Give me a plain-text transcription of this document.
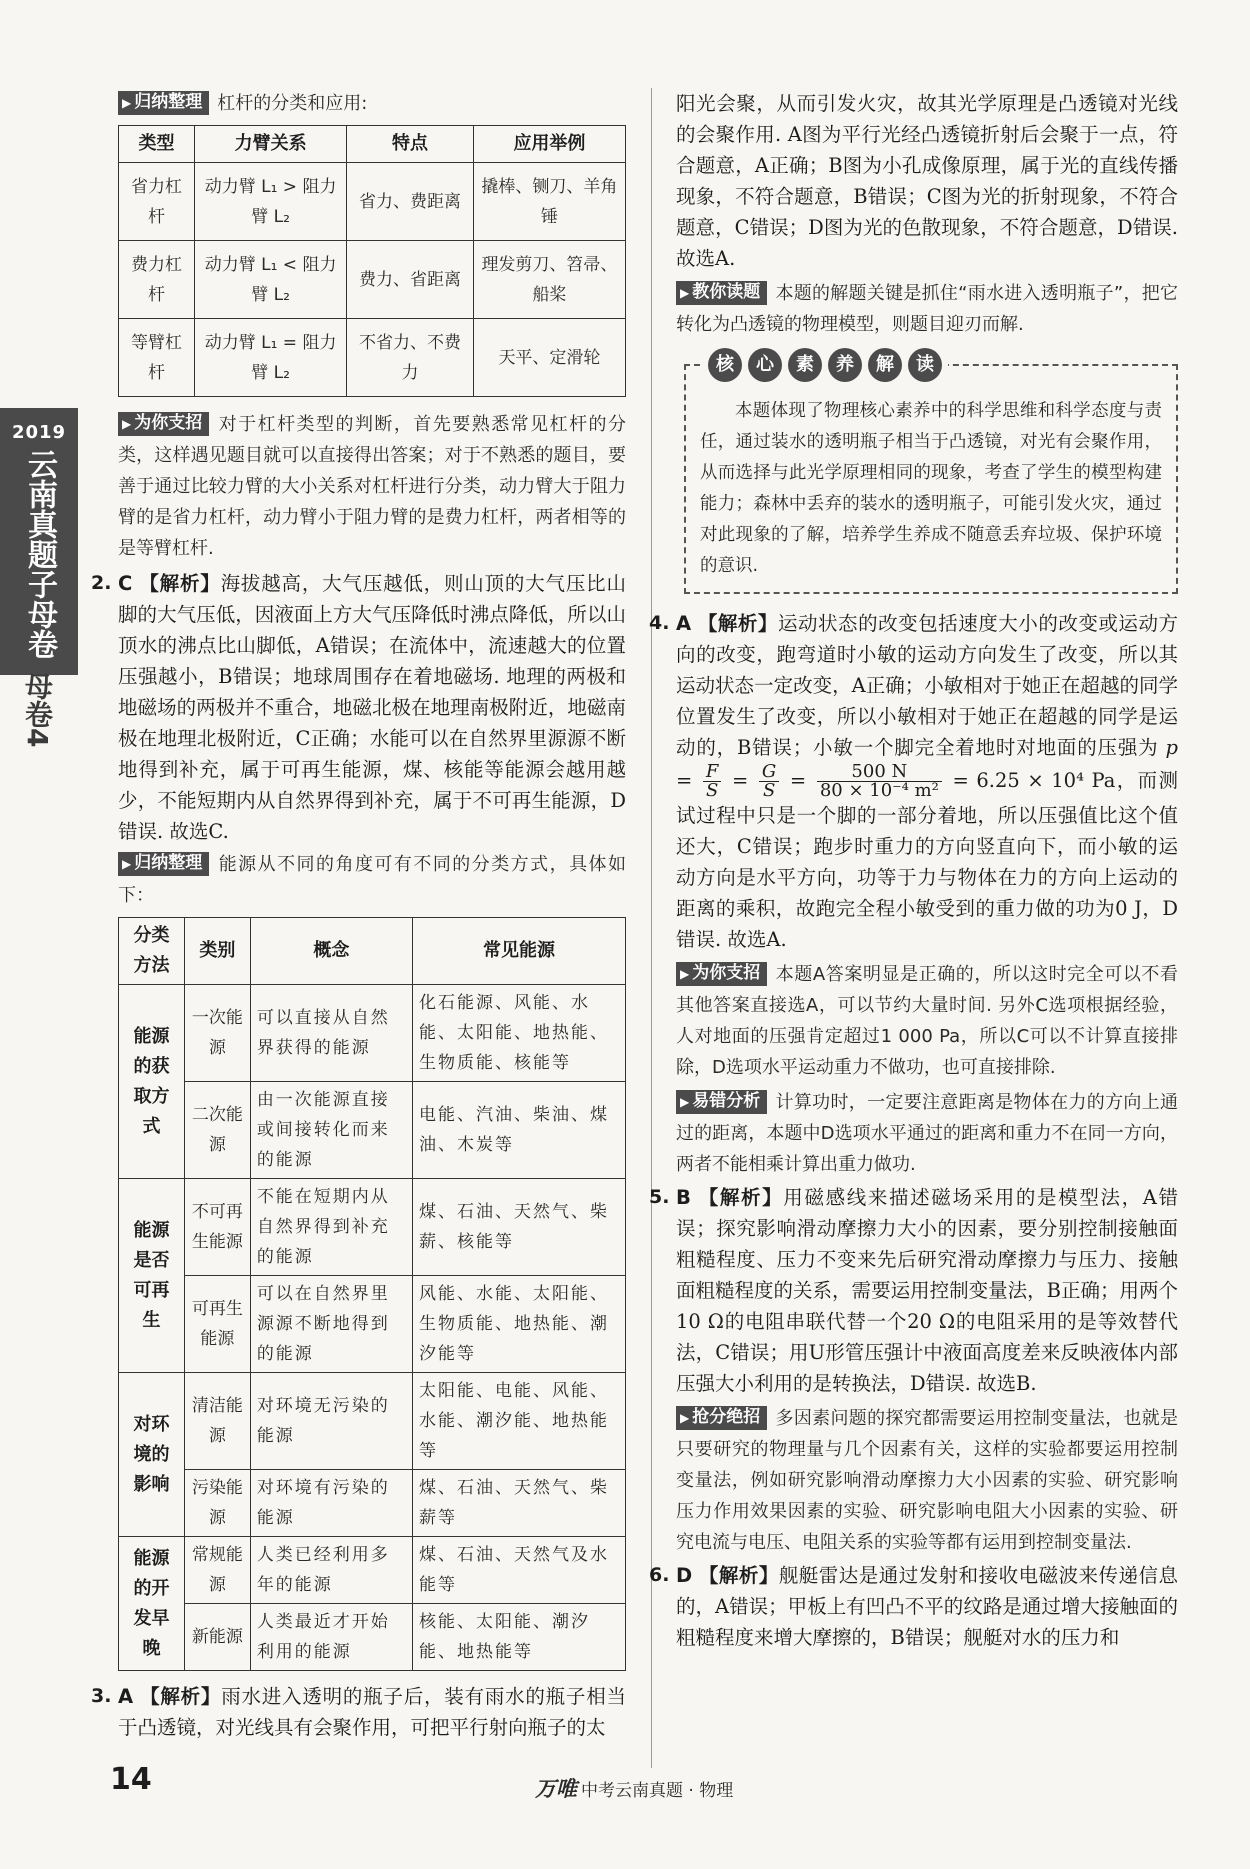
2019
云南真题子母卷
母卷4
▶ 归纳整理 杠杆的分类和应用:
类型	力臂关系	特点	应用举例
省力杠杆	动力臂 L₁ > 阻力臂 L₂	省力、费距离	撬棒、铡刀、羊角锤
费力杠杆	动力臂 L₁ < 阻力臂 L₂	费力、省距离	理发剪刀、笤帚、船桨
等臂杠杆	动力臂 L₁ = 阻力臂 L₂	不省力、不费力	天平、定滑轮
▶ 为你支招 对于杠杆类型的判断，首先要熟悉常见杠杆的分类，这样遇见题目就可以直接得出答案；对于不熟悉的题目，要善于通过比较力臂的大小关系对杠杆进行分类，动力臂大于阻力臂的是省力杠杆，动力臂小于阻力臂的是费力杠杆，两者相等的是等臂杠杆.
2. C 【解析】海拔越高，大气压越低，则山顶的大气压比山脚的大气压低，因液面上方大气压降低时沸点降低，所以山顶水的沸点比山脚低，A错误；在流体中，流速越大的位置压强越小，B错误；地球周围存在着地磁场. 地理的两极和地磁场的两极并不重合，地磁北极在地理南极附近，地磁南极在地理北极附近，C正确；水能可以在自然界里源源不断地得到补充，属于可再生能源，煤、核能等能源会越用越少，不能短期内从自然界得到补充，属于不可再生能源，D错误. 故选C.
▶ 归纳整理 能源从不同的角度可有不同的分类方式，具体如下：
分类方法	类别	概念	常见能源
能源的获取方式	一次能源	可以直接从自然界获得的能源	化石能源、风能、水能、太阳能、地热能、生物质能、核能等
	二次能源	由一次能源直接或间接转化而来的能源	电能、汽油、柴油、煤油、木炭等
能源是否可再生	不可再生能源	不能在短期内从自然界得到补充的能源	煤、石油、天然气、柴薪、核能等
	可再生能源	可以在自然界里源源不断地得到的能源	风能、水能、太阳能、生物质能、地热能、潮汐能等
对环境的影响	清洁能源	对环境无污染的能源	太阳能、电能、风能、水能、潮汐能、地热能等
	污染能源	对环境有污染的能源	煤、石油、天然气、柴薪等
能源的开发早晚	常规能源	人类已经利用多年的能源	煤、石油、天然气及水能等
	新能源	人类最近才开始利用的能源	核能、太阳能、潮汐能、地热能等
3. A 【解析】雨水进入透明的瓶子后，装有雨水的瓶子相当于凸透镜，对光线具有会聚作用，可把平行射向瓶子的太
阳光会聚，从而引发火灾，故其光学原理是凸透镜对光线的会聚作用. A图为平行光经凸透镜折射后会聚于一点，符合题意，A正确；B图为小孔成像原理，属于光的直线传播现象，不符合题意，B错误；C图为光的折射现象，不符合题意，C错误；D图为光的色散现象，不符合题意，D错误. 故选A.
▶ 教你读题 本题的解题关键是抓住“雨水进入透明瓶子”，把它转化为凸透镜的物理模型，则题目迎刃而解.
核	心	素	养	解	读
本题体现了物理核心素养中的科学思维和科学态度与责任，通过装水的透明瓶子相当于凸透镜，对光有会聚作用，从而选择与此光学原理相同的现象，考查了学生的模型构建能力；森林中丢弃的装水的透明瓶子，可能引发火灾，通过对此现象的了解，培养学生养成不随意丢弃垃圾、保护环境的意识.
4. A 【解析】运动状态的改变包括速度大小的改变或运动方向的改变，跑弯道时小敏的运动方向发生了改变，所以其运动状态一定改变，A正确；小敏相对于她正在超越的同学位置发生了改变，所以小敏相对于她正在超越的同学是运动的，B错误；小敏一个脚完全着地时对地面的压强为 $p = \frac{F}{S} = \frac{G}{S} = \frac{500 N}{\text{80 × 10⁻⁴ m²}} = 6.25 \times 10^4$ Pa，而测试过程中只是一个脚的一部分着地，所以压强值比这个值还大，C错误；跑步时重力的方向竖直向下，而小敏的运动方向是水平方向，功等于力与物体在力的方向上运动的距离的乘积，故跑完全程小敏受到的重力做的功为0 J，D错误. 故选A.
▶ 为你支招 本题A答案明显是正确的，所以这时完全可以不看其他答案直接选A，可以节约大量时间. 另外C选项根据经验，人对地面的压强肯定超过1 000 Pa，所以C可以不计算直接排除，D选项水平运动重力不做功，也可直接排除.
▶ 易错分析 计算功时，一定要注意距离是物体在力的方向上通过的距离，本题中D选项水平通过的距离和重力不在同一方向，两者不能相乘计算出重力做功.
5. B 【解析】用磁感线来描述磁场采用的是模型法，A错误；探究影响滑动摩擦力大小的因素，要分别控制接触面粗糙程度、压力不变来先后研究滑动摩擦力与压力、接触面粗糙程度的关系，需要运用控制变量法，B正确；用两个10 Ω的电阻串联代替一个20 Ω的电阻采用的是等效替代法，C错误；用U形管压强计中液面高度差来反映液体内部压强大小利用的是转换法，D错误. 故选B.
▶ 抢分绝招 多因素问题的探究都需要运用控制变量法，也就是只要研究的物理量与几个因素有关，这样的实验都要运用控制变量法，例如研究影响滑动摩擦力大小因素的实验、研究影响压力作用效果因素的实验、研究影响电阻大小因素的实验、研究电流与电压、电阻关系的实验等都有运用到控制变量法.
6. D 【解析】舰艇雷达是通过发射和接收电磁波来传递信息的，A错误；甲板上有凹凸不平的纹路是通过增大接触面的粗糙程度来增大摩擦的，B错误；舰艇对水的压力和
14	万唯 中考云南真题 · 物理
